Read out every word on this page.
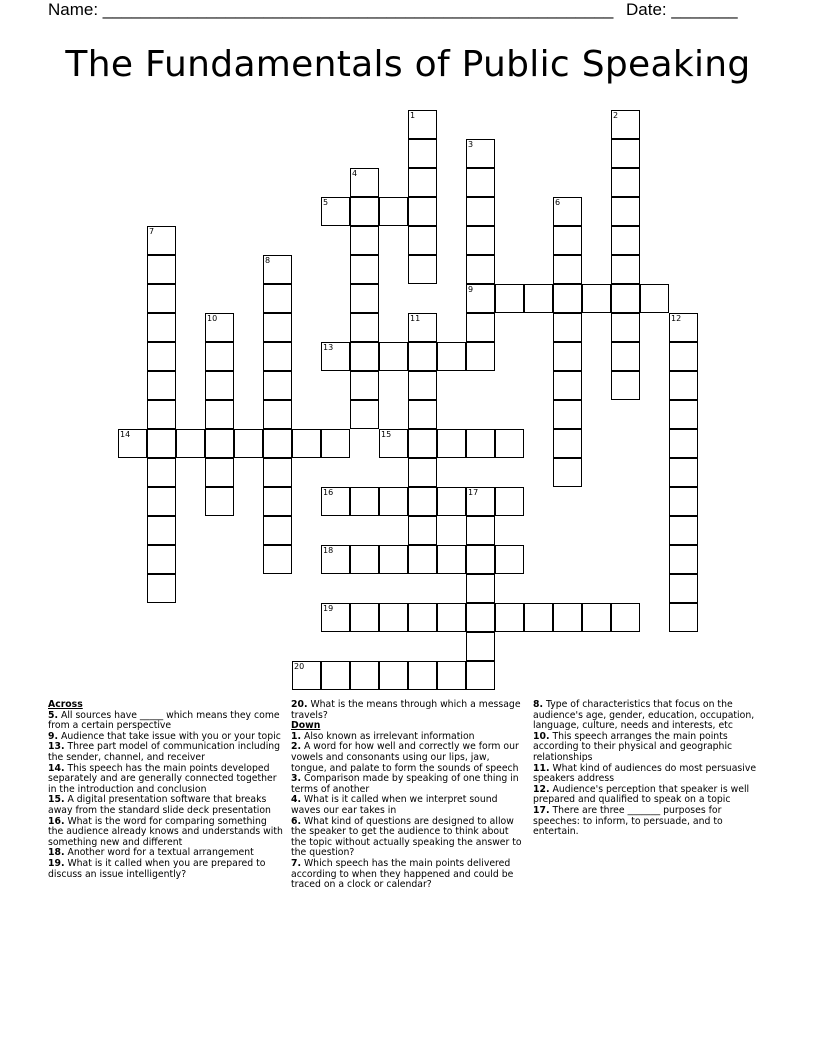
Name: ______________________________________________________ Date: _______
The Fundamentals of Public Speaking
1	2
3
4
5	6
7
8
9
10	11	12
13
14	15
16	17
18
19
20
Across
5. All sources have _____ which means they come from a certain perspective
9. Audience that take issue with you or your topic
13. Three part model of communication including the sender, channel, and receiver
14. This speech has the main points developed separately and are generally connected together in the introduction and conclusion
15. A digital presentation software that breaks away from the standard slide deck presentation
16. What is the word for comparing something the audience already knows and understands with something new and different
18. Another word for a textual arrangement
19. What is it called when you are prepared to discuss an issue intelligently?
20. What is the means through which a message travels?
Down
1. Also known as irrelevant information
2. A word for how well and correctly we form our vowels and consonants using our lips, jaw, tongue, and palate to form the sounds of speech
3. Comparison made by speaking of one thing in terms of another
4. What is it called when we interpret sound waves our ear takes in
6. What kind of questions are designed to allow the speaker to get the audience to think about the topic without actually speaking the answer to the question?
7. Which speech has the main points delivered according to when they happened and could be traced on a clock or calendar?
8. Type of characteristics that focus on the audience's age, gender, education, occupation, language, culture, needs and interests, etc
10. This speech arranges the main points according to their physical and geographic relationships
11. What kind of audiences do most persuasive speakers address
12. Audience's perception that speaker is well prepared and qualified to speak on a topic
17. There are three _______ purposes for speeches: to inform, to persuade, and to entertain.
